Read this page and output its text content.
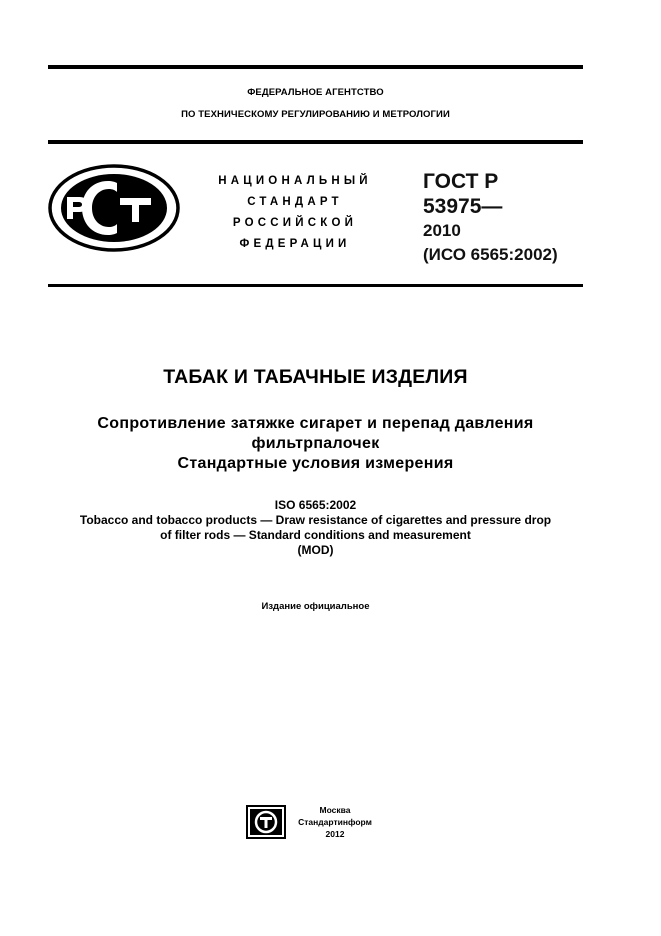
ФЕДЕРАЛЬНОЕ АГЕНТСТВО
ПО ТЕХНИЧЕСКОМУ РЕГУЛИРОВАНИЮ И МЕТРОЛОГИИ
НАЦИОНАЛЬНЫЙ
СТАНДАРТ
РОССИЙСКОЙ
ФЕДЕРАЦИИ
ГОСТ Р
53975—
2010
(ИСО 6565:2002)
ТАБАК И ТАБАЧНЫЕ ИЗДЕЛИЯ
Сопротивление затяжке сигарет и перепад давления
фильтрпалочек
Стандартные условия измерения
ISO 6565:2002
Tobacco and tobacco products — Draw resistance of cigarettes and pressure drop
of filter rods — Standard conditions and measurement
(MOD)
Издание официальное
Москва
Стандартинформ
2012
